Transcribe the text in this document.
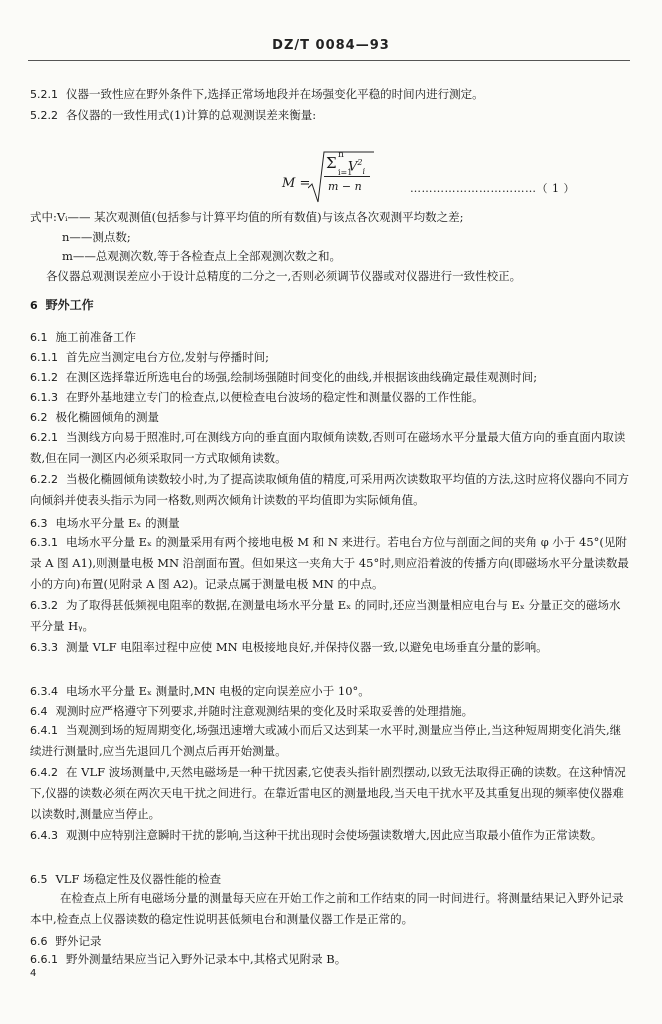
DZ/T 0084—93
5.2.1 仪器一致性应在野外条件下,选择正常场地段并在场强变化平稳的时间内进行测定。
5.2.2 各仪器的一致性用式(1)计算的总观测误差来衡量:
M =
Σ n
i=1
$V^2_i$
m − n	……………………………（ 1 ）
式中:Vᵢ—— 某次观测值(包括参与计算平均值的所有数值)与该点各次观测平均数之差;
n——测点数;
m——总观测次数,等于各检查点上全部观测次数之和。
各仪器总观测误差应小于设计总精度的二分之一,否则必须调节仪器或对仪器进行一致性校正。
6 野外工作
6.1 施工前准备工作
6.1.1 首先应当测定电台方位,发射与停播时间;
6.1.2 在测区选择靠近所选电台的场强,绘制场强随时间变化的曲线,并根据该曲线确定最佳观测时间;
6.1.3 在野外基地建立专门的检查点,以便检查电台波场的稳定性和测量仪器的工作性能。
6.2 极化椭圆倾角的测量
6.2.1 当测线方向易于照准时,可在测线方向的垂直面内取倾角读数,否则可在磁场水平分量最大值方向的垂直面内取读数,但在同一测区内必须采取同一方式取倾角读数。
6.2.2 当极化椭圆倾角读数较小时,为了提高读取倾角值的精度,可采用两次读数取平均值的方法,这时应将仪器向不同方向倾斜并使表头指示为同一格数,则两次倾角计读数的平均值即为实际倾角值。
6.3 电场水平分量 Eₓ 的测量
6.3.1 电场水平分量 Eₓ 的测量采用有两个接地电极 M 和 N 来进行。若电台方位与剖面之间的夹角 φ 小于 45°(见附录 A 图 A1),则测量电极 MN 沿剖面布置。但如果这一夹角大于 45°时,则应沿着波的传播方向(即磁场水平分量读数最小的方向)布置(见附录 A 图 A2)。记录点属于测量电极 MN 的中点。
6.3.2 为了取得甚低频视电阻率的数据,在测量电场水平分量 Eₓ 的同时,还应当测量相应电台与 Eₓ 分量正交的磁场水平分量 Hᵧ。
6.3.3 测量 VLF 电阻率过程中应使 MN 电极接地良好,并保持仪器一致,以避免电场垂直分量的影响。
6.3.4 电场水平分量 Eₓ 测量时,MN 电极的定向误差应小于 10°。
6.4 观测时应严格遵守下列要求,并随时注意观测结果的变化及时采取妥善的处理措施。
6.4.1 当观测到场的短周期变化,场强迅速增大或减小而后又达到某一水平时,测量应当停止,当这种短周期变化消失,继续进行测量时,应当先退回几个测点后再开始测量。
6.4.2 在 VLF 波场测量中,天然电磁场是一种干扰因素,它使表头指针剧烈摆动,以致无法取得正确的读数。在这种情况下,仪器的读数必须在两次天电干扰之间进行。在靠近雷电区的测量地段,当天电干扰水平及其重复出现的频率使仪器难以读数时,测量应当停止。
6.4.3 观测中应特别注意瞬时干扰的影响,当这种干扰出现时会使场强读数增大,因此应当取最小值作为正常读数。
6.5 VLF 场稳定性及仪器性能的检查
在检查点上所有电磁场分量的测量每天应在开始工作之前和工作结束的同一时间进行。将测量结果记入野外记录本中,检查点上仪器读数的稳定性说明甚低频电台和测量仪器工作是正常的。
6.6 野外记录
6.6.1 野外测量结果应当记入野外记录本中,其格式见附录 B。
4
